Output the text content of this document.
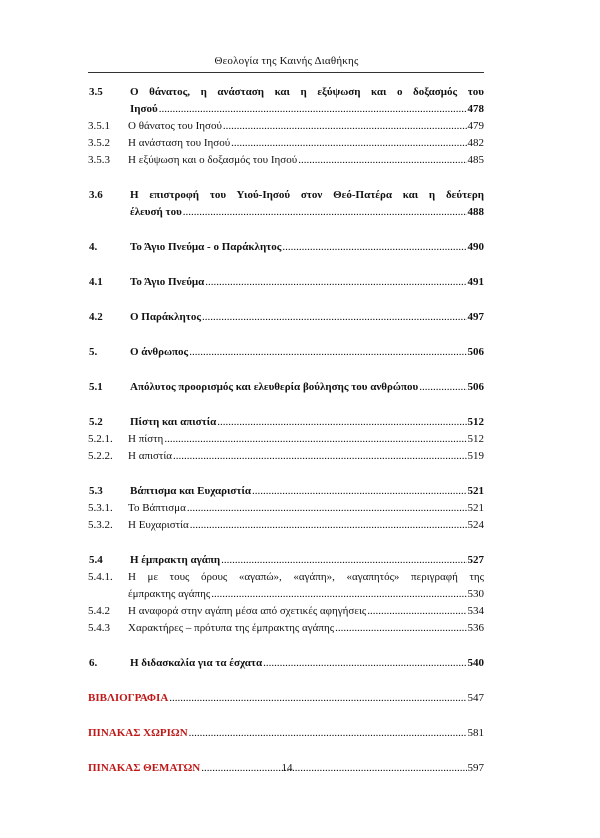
Θεολογία της Καινής Διαθήκης
3.5 Ο θάνατος, η ανάσταση και η εξύψωση και ο δοξασμός του
Ιησού .....	478
3.5.1 Ο θάνατος του Ιησού .....	479
3.5.2 Η ανάσταση του Ιησού .....	482
3.5.3 Η εξύψωση και ο δοξασμός του Ιησού .....	485
3.6 Η επιστροφή του Υιού-Ιησού στον Θεό-Πατέρα και η δεύτερη
έλευσή του .....	488
4.	Το Άγιο Πνεύμα - ο Παράκλητος .....	490
4.1 Το Άγιο Πνεύμα .....	491
4.2 Ο Παράκλητος .....	497
5.	Ο άνθρωπος .....	506
5.1 Απόλυτος προορισμός και ελευθερία βούλησης του ανθρώπου .....	506
5.2 Πίστη και απιστία .....	512
5.2.1. Η πίστη .....	512
5.2.2. Η απιστία .....	519
5.3 Βάπτισμα και Ευχαριστία .....	521
5.3.1. Το Βάπτισμα .....	521
5.3.2. Η Ευχαριστία .....	524
5.4 Η έμπρακτη αγάπη .....	527
5.4.1. Η με τους όρους «αγαπώ», «αγάπη», «αγαπητός» περιγραφή της
έμπρακτης αγάπης .....	530
5.4.2 Η αναφορά στην αγάπη μέσα από σχετικές αφηγήσεις .....	534
5.4.3 Χαρακτήρες – πρότυπα της έμπρακτης αγάπης .....	536
6.	Η διδασκαλία για τα έσχατα .....	540
ΒΙΒΛΙΟΓΡΑΦΙΑ .....	547
ΠΙΝΑΚΑΣ ΧΩΡΙΩΝ .....	581
ΠΙΝΑΚΑΣ ΘΕΜΑΤΩΝ .....	597
14
